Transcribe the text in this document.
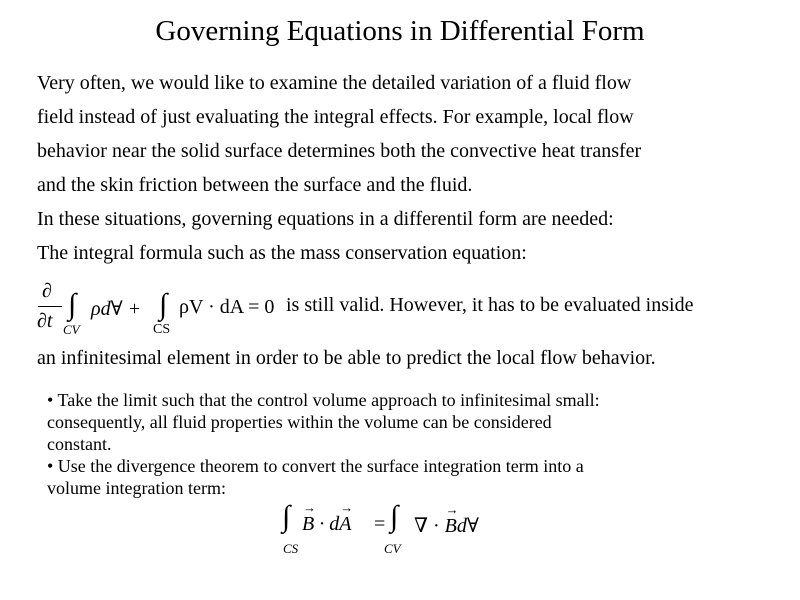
Governing Equations in Differential Form
Very often, we would like to examine the detailed variation of a fluid flow
field instead of just evaluating the integral effects. For example, local flow
behavior near the solid surface determines both the convective heat transfer
and the skin friction between the surface and the fluid.
In these situations, governing equations in a differentil form are needed:
The integral formula such as the mass conservation equation:
∂
∂t ∫
CV
ρd∀ + ∫
CS
ρV · dA = 0 is still valid. However, it has to be evaluated inside
an infinitesimal element in order to be able to predict the local flow behavior.
• Take the limit such that the control volume approach to infinitesimal small:
consequently, all fluid properties within the volume can be considered
constant.
• Use the divergence theorem to convert the surface integration term into a
volume integration term:
∫
CS
→ B · d→ A = ∫
CV
∇ · → Bd∀
